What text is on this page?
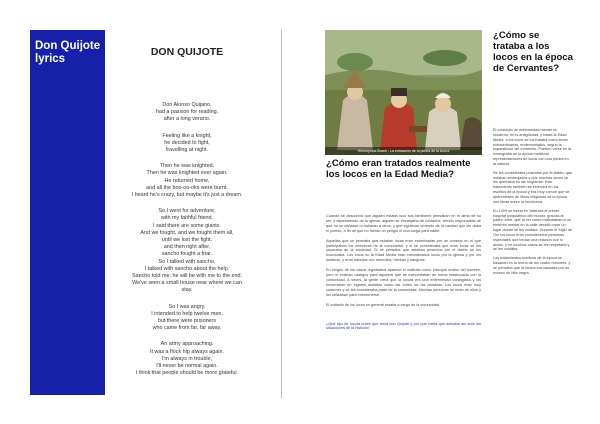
Don Quijote lyrics
DON QUIJOTE
Don Alonso Quijano,
had a passion for reading,
after a long verano.
Feeling like a knight,
he decided to fight,
travelling at night.
Then he was knighted.
Then he was knighted ever again.
He returned home,
and all the boo-oo-oks were burnt.
I heard he's crazy, but maybe it's just a dream.
So I went for adventure,
with my faithful friend.
I said there are some giants.
And we fought, and we fought them all,
until we lost the fight,
and then right after,
sancho fought a friar.
So I talked with sancho.
I talked with sancho about the help.
Sancho told me: he will be with me to the end.
We've seen a small house near where we can
stay.
So I was angry.
I intended to help twelve men,
but there were prisoners
who came from far, far away.
An army approaching.
It was a flock hip always again.
I'm always in trouble,
I'll never be normal again.
I think that people should be more grateful.
Hieronymus Bosch - La extracción de la piedra de la locura
¿Cómo eran tratados realmente los locos en la Edad Media?

Cuando se descubría que alguien estaba loco sus familiares pensaban en el alma de su ser, y dependiendo de la Iglesia, alguien se encargaba de cuidarlos, siendo responsable de que no se dañaran ni dañaran a otros, y que siguieran viviendo de la caridad que les daba el pueblo, a fin de que no fueran un peligro ni una carga para nadie.

Aquellas que se pensaba que estaban locas eran examinadas por un consejo en el que participaban los miembros de la comunidad, y si se consideraba que eran locos se los separaba de la sociedad. Si se pensaba que estaban poseídos por el diablo se los exorcizaba. Los locos en la Edad Media eran considerados locos por la Iglesia y por los médicos, y eran tratados con remedios, hierbas y sangrías.

En ningún de los casos registrados aparece el maltrato como principal motivo del hombre, pero sí existían castigos para aquellos que se comportaban de forma inadecuada con la comunidad. A veces, la gente creía que la locura era una enfermedad contagiosa y los encerraban en lugares aislados como las torres de las murallas. Los locos eran muy comunes y se les consideraba parte de la comunidad. Muchas personas se reían de ellos y los utilizaban para entretenerse.

El cuidado de los locos en general estaba a cargo de la comunidad.

¿Qué tipo de locura crees que tenía don Quijote y por qué crees que actuaba así ante las situaciones de la historia?

¿Cómo se trataba a los locos en la época de Cervantes?

El concepto de enfermedad mental es moderno; en la antigüedad, y hasta la Edad Media, a los locos se los trataba como seres extraordinarios, endemoniados, según la superstición del momento. Pueden verse en la iconografía de la época medieval representaciones de locos con una piedra en la cabeza.

Se les consideraba poseídos por el diablo, que estaban embrujados y que muchas veces se les quemaba en las hogueras. Este tratamiento también se extendía en los escritos de la época y era muy común que se apareciesen de libros religiosos de la época con ideas sobre la hechicería.

En 1409 se funda en Valencia el primer hospital psiquiátrico del mundo, gracias al padre Jofré, que al ver cómo maltrataban a un enfermo mental en la calle decidió crear un lugar donde se les cuidara. Durante el Siglo de Oro los locos eran considerados personas especiales que tenían una relación con lo divino, y en muchos casos se les respetaba y se les cuidaba.

Los tratamientos médicos de la época se basaban en la teoría de los cuatro humores, y se pensaba que la locura era causada por un exceso de bilis negra.
